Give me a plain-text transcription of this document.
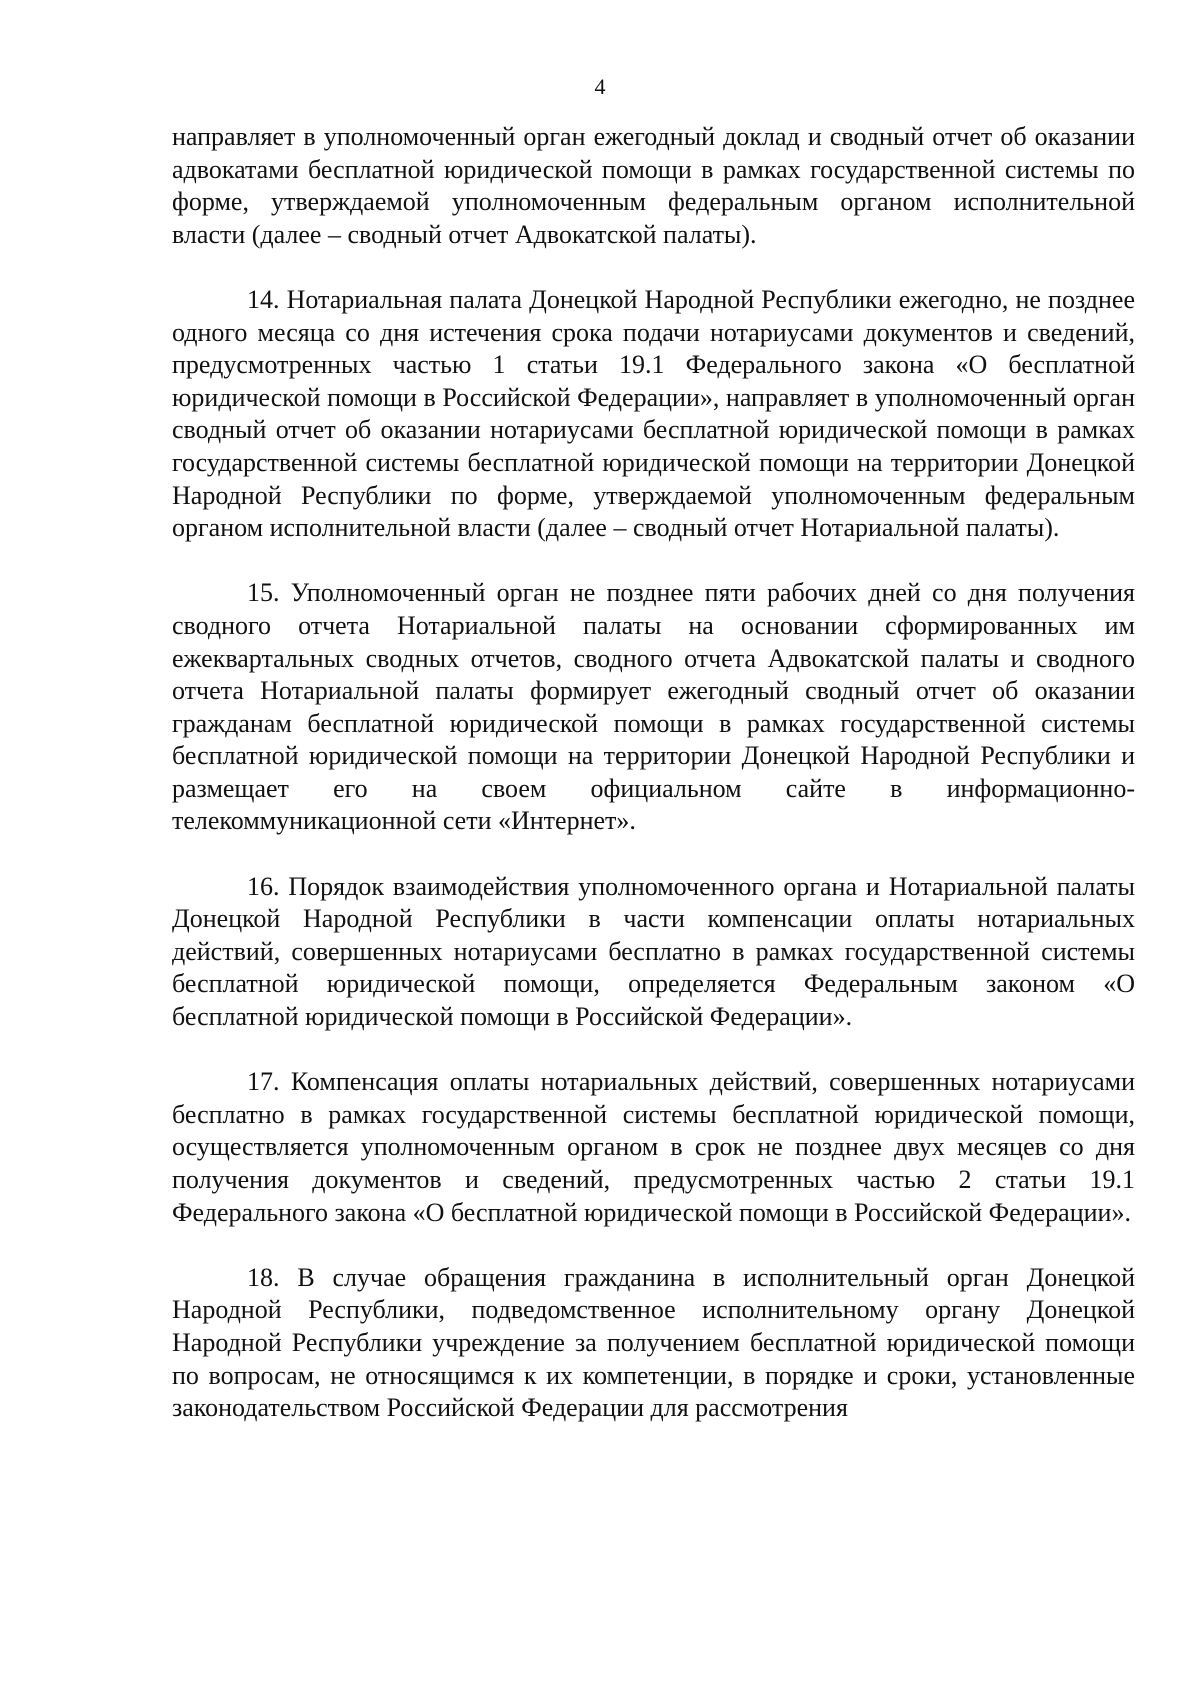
4

направляет в уполномоченный орган ежегодный доклад и сводный отчет об оказании адвокатами бесплатной юридической помощи в рамках государственной системы по форме, утверждаемой уполномоченным федеральным органом исполнительной власти (далее – сводный отчет Адвокатской палаты).

14. Нотариальная палата Донецкой Народной Республики ежегодно, не позднее одного месяца со дня истечения срока подачи нотариусами документов и сведений, предусмотренных частью 1 статьи 19.1 Федерального закона «О бесплатной юридической помощи в Российской Федерации», направляет в уполномоченный орган сводный отчет об оказании нотариусами бесплатной юридической помощи в рамках государственной системы бесплатной юридической помощи на территории Донецкой Народной Республики по форме, утверждаемой уполномоченным федеральным органом исполнительной власти (далее – сводный отчет Нотариальной палаты).

15. Уполномоченный орган не позднее пяти рабочих дней со дня получения сводного отчета Нотариальной палаты на основании сформированных им ежеквартальных сводных отчетов, сводного отчета Адвокатской палаты и сводного отчета Нотариальной палаты формирует ежегодный сводный отчет об оказании гражданам бесплатной юридической помощи в рамках государственной системы бесплатной юридической помощи на территории Донецкой Народной Республики и размещает его на своем официальном сайте в информационно-телекоммуникационной сети «Интернет».

16. Порядок взаимодействия уполномоченного органа и Нотариальной палаты Донецкой Народной Республики в части компенсации оплаты нотариальных действий, совершенных нотариусами бесплатно в рамках государственной системы бесплатной юридической помощи, определяется Федеральным законом «О бесплатной юридической помощи в Российской Федерации».

17. Компенсация оплаты нотариальных действий, совершенных нотариусами бесплатно в рамках государственной системы бесплатной юридической помощи, осуществляется уполномоченным органом в срок не позднее двух месяцев со дня получения документов и сведений, предусмотренных частью 2 статьи 19.1 Федерального закона «О бесплатной юридической помощи в Российской Федерации».

18. В случае обращения гражданина в исполнительный орган Донецкой Народной Республики, подведомственное исполнительному органу Донецкой Народной Республики учреждение за получением бесплатной юридической помощи по вопросам, не относящимся к их компетенции, в порядке и сроки, установленные законодательством Российской Федерации для рассмотрения
